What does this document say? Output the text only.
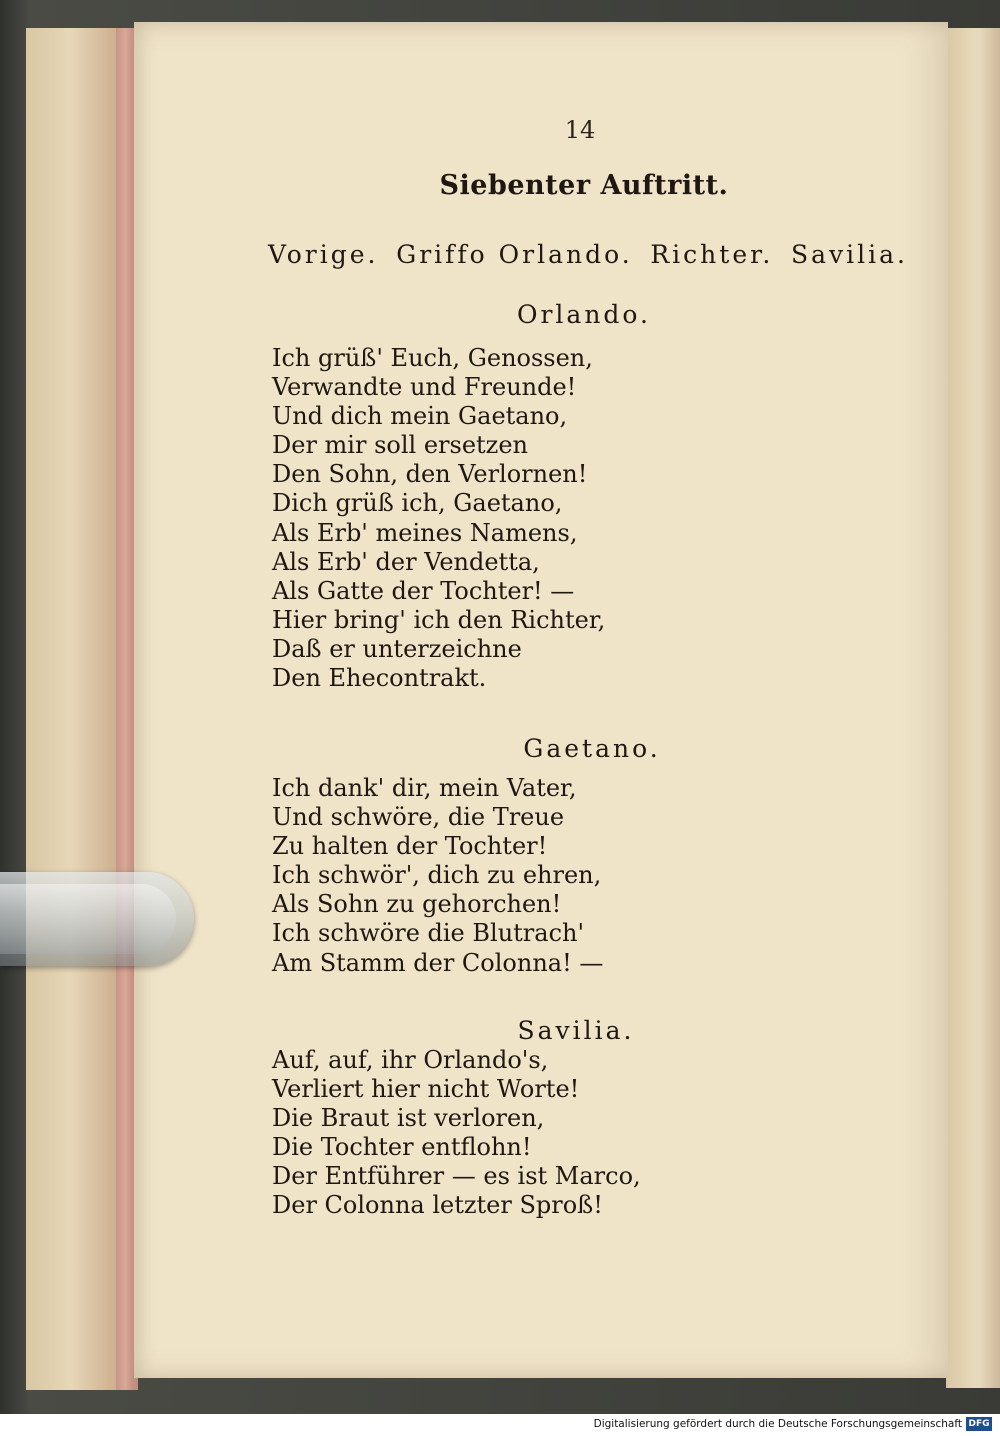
14
Siebenter Auftritt.
Vorige. Griffo Orlando. Richter. Savilia.
Orlando.
Ich grüß' Euch, Genossen,
Verwandte und Freunde!
Und dich mein Gaetano,
Der mir soll ersetzen
Den Sohn, den Verlornen!
Dich grüß ich, Gaetano,
Als Erb' meines Namens,
Als Erb' der Vendetta,
Als Gatte der Tochter! —
Hier bring' ich den Richter,
Daß er unterzeichne
Den Ehecontrakt.
Gaetano.
Ich dank' dir, mein Vater,
Und schwöre, die Treue
Zu halten der Tochter!
Ich schwör', dich zu ehren,
Als Sohn zu gehorchen!
Ich schwöre die Blutrach'
Am Stamm der Colonna! —
Savilia.
Auf, auf, ihr Orlando's,
Verliert hier nicht Worte!
Die Braut ist verloren,
Die Tochter entflohn!
Der Entführer — es ist Marco,
Der Colonna letzter Sproß!
Digitalisierung gefördert durch die Deutsche Forschungsgemeinschaft DFG
